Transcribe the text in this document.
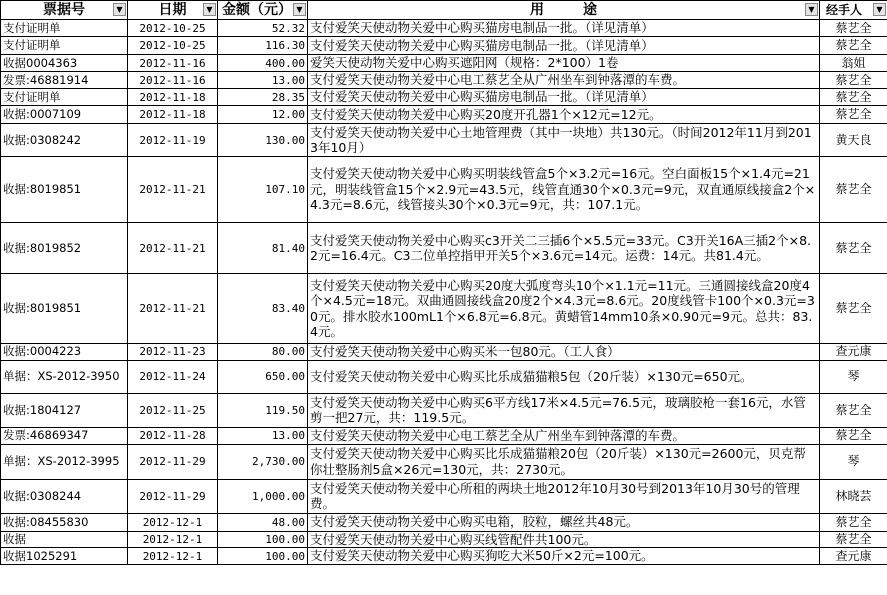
票据号 ▼	日期 ▼	金额（元） ▼	用        途 ▼	经手人 ▼

支付证明单	2012-10-25	52.32	支付爱笑天使动物关爱中心购买猫房电制品一批。（详见清单）	蔡艺全
支付证明单	2012-10-25	116.30	支付爱笑天使动物关爱中心购买猫房电制品一批。（详见清单）	蔡艺全
收据0004363	2012-11-16	400.00	爱笑天使动物关爱中心购买遮阳网（规格：2*100）1卷	翁姐
发票:46881914	2012-11-16	13.00	支付爱笑天使动物关爱中心电工蔡艺全从广州坐车到钟落潭的车费。	蔡艺全
支付证明单	2012-11-18	28.35	支付爱笑天使动物关爱中心购买猫房电制品一批。（详见清单）	蔡艺全
收据:0007109	2012-11-18	12.00	支付爱笑天使动物关爱中心购买20度开孔器1个×12元=12元。	蔡艺全
收据:0308242	2012-11-19	130.00	支付爱笑天使动物关爱中心土地管理费（其中一块地）共130元。（时间2012年11月到2013年10月）	黄天良
收据:8019851	2012-11-21	107.10	支付爱笑天使动物关爱中心购买明装线管盒5个×3.2元=16元。空白面板15个×1.4元=21元，明装线管盒15个×2.9元=43.5元，线管直通30个×0.3元=9元，双直通原线接盒2个×4.3元=8.6元，线管接头30个×0.3元=9元，共：107.1元。	蔡艺全
收据:8019852	2012-11-21	81.40	支付爱笑天使动物关爱中心购买c3开关二三插6个×5.5元=33元。C3开关16A三插2个×8.2元=16.4元。C3二位单控指甲开关5个×3.6元=14元。运费：14元。共81.4元。	蔡艺全
收据:8019851	2012-11-21	83.40	支付爱笑天使动物关爱中心购买20度大弧度弯头10个×1.1元=11元。三通圆接线盒20度4个×4.5元=18元。双曲通圆接线盒20度2个×4.3元=8.6元。20度线管卡100个×0.3元=30元。排水胶水100mL1个×6.8元=6.8元。黄蜡管14mm10条×0.90元=9元。总共：83.4元。	蔡艺全
收据:0004223	2012-11-23	80.00	支付爱笑天使动物关爱中心购买米一包80元。（工人食）	查元康
单据：XS-2012-3950	2012-11-24	650.00	支付爱笑天使动物关爱中心购买比乐成猫猫粮5包（20斤装）×130元=650元。	琴
收据:1804127	2012-11-25	119.50	支付爱笑天使动物关爱中心购买6平方线17米×4.5元=76.5元，玻璃胶枪一套16元，水管剪一把27元，共：119.5元。	蔡艺全
发票:46869347	2012-11-28	13.00	支付爱笑天使动物关爱中心电工蔡艺全从广州坐车到钟落潭的车费。	蔡艺全
单据：XS-2012-3995	2012-11-29	2,730.00	支付爱笑天使动物关爱中心购买比乐成猫猫粮20包（20斤装）×130元=2600元，贝克帮你壮整肠剂5盒×26元=130元，共：2730元。	琴
收据:0308244	2012-11-29	1,000.00	支付爱笑天使动物关爱中心所租的两块土地2012年10月30号到2013年10月30号的管理费。	林晓芸
收据:08455830	2012-12-1	48.00	支付爱笑天使动物关爱中心购买电箱，胶粒，螺丝共48元。	蔡艺全
收据	2012-12-1	100.00	支付爱笑天使动物关爱中心购买线管配件共100元。	蔡艺全
收据1025291	2012-12-1	100.00	支付爱笑天使动物关爱中心购买狗吃大米50斤×2元=100元。	查元康
